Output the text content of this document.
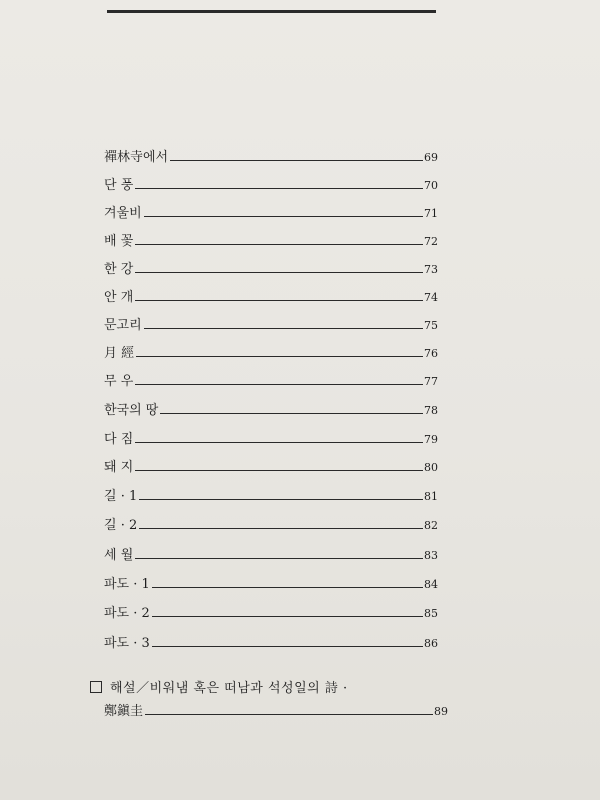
禪林寺에서	69
단 풍	70
겨울비	71
배 꽃	72
한 강	73
안 개	74
문고리	75
月 經	76
무 우	77
한국의 땅	78
다 짐	79
돼 지	80
길 · 1	81
길 · 2	82
세 월	83
파도 · 1	84
파도 · 2	85
파도 · 3	86
해설／비워냄 혹은 떠남과 석성일의 詩 ·
鄭鎭圭	89
